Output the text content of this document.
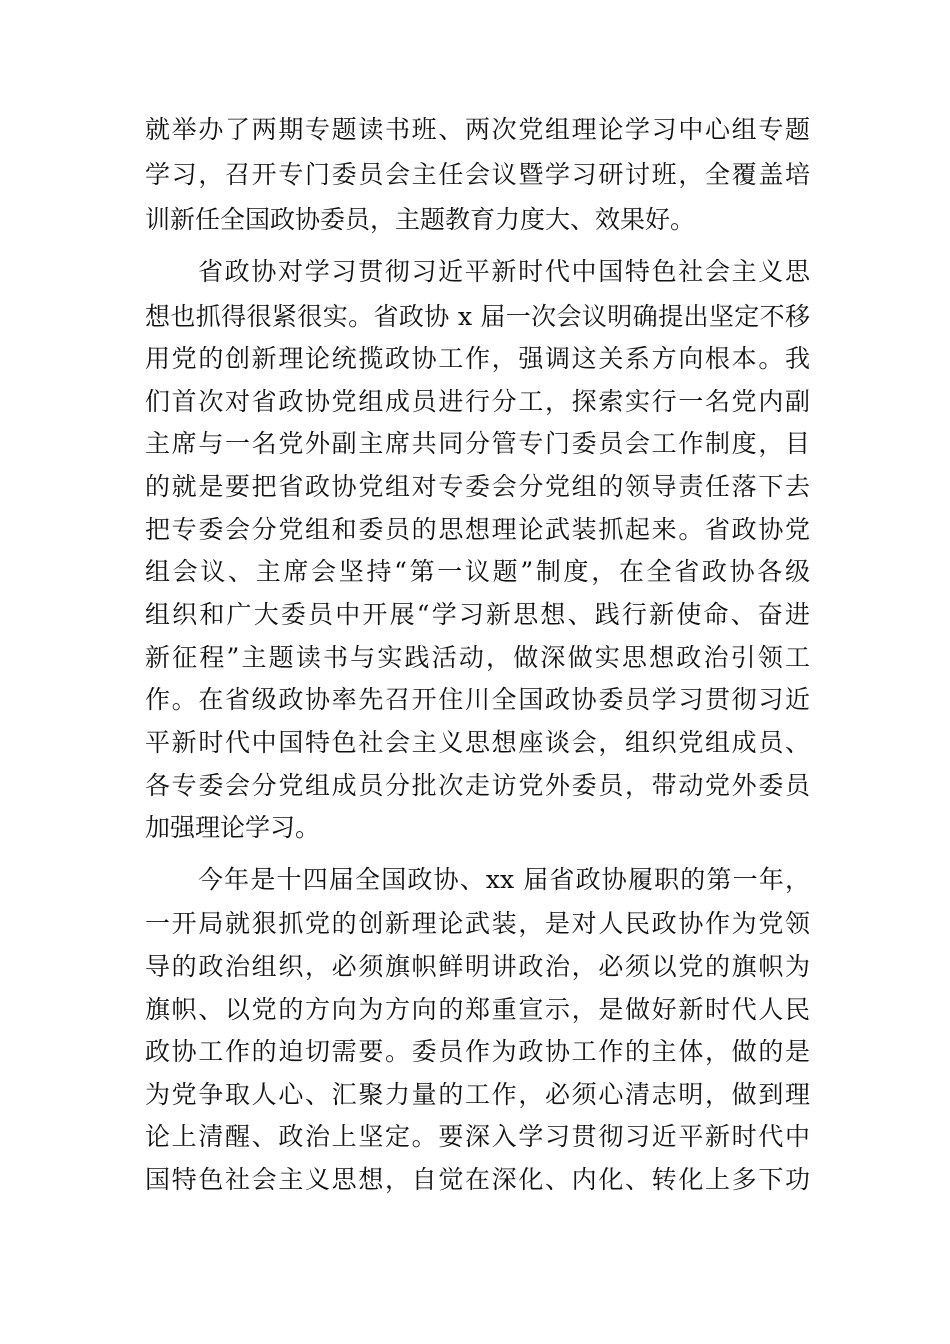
就举办了两期专题读书班、两次党组理论学习中心组专题
学习，召开专门委员会主任会议暨学习研讨班，全覆盖培
训新任全国政协委员，主题教育力度大、效果好。
省政协对学习贯彻习近平新时代中国特色社会主义思
想也抓得很紧很实。省政协 x 届一次会议明确提出坚定不移
用党的创新理论统揽政协工作，强调这关系方向根本。我
们首次对省政协党组成员进行分工，探索实行一名党内副
主席与一名党外副主席共同分管专门委员会工作制度，目
的就是要把省政协党组对专委会分党组的领导责任落下去
把专委会分党组和委员的思想理论武装抓起来。省政协党
组会议、主席会坚持“第一议题”制度，在全省政协各级
组织和广大委员中开展“学习新思想、践行新使命、奋进
新征程”主题读书与实践活动，做深做实思想政治引领工
作。在省级政协率先召开住川全国政协委员学习贯彻习近
平新时代中国特色社会主义思想座谈会，组织党组成员、
各专委会分党组成员分批次走访党外委员，带动党外委员
加强理论学习。
今年是十四届全国政协、xx 届省政协履职的第一年，
一开局就狠抓党的创新理论武装，是对人民政协作为党领
导的政治组织，必须旗帜鲜明讲政治，必须以党的旗帜为
旗帜、以党的方向为方向的郑重宣示，是做好新时代人民
政协工作的迫切需要。委员作为政协工作的主体，做的是
为党争取人心、汇聚力量的工作，必须心清志明，做到理
论上清醒、政治上坚定。要深入学习贯彻习近平新时代中
国特色社会主义思想，自觉在深化、内化、转化上多下功
